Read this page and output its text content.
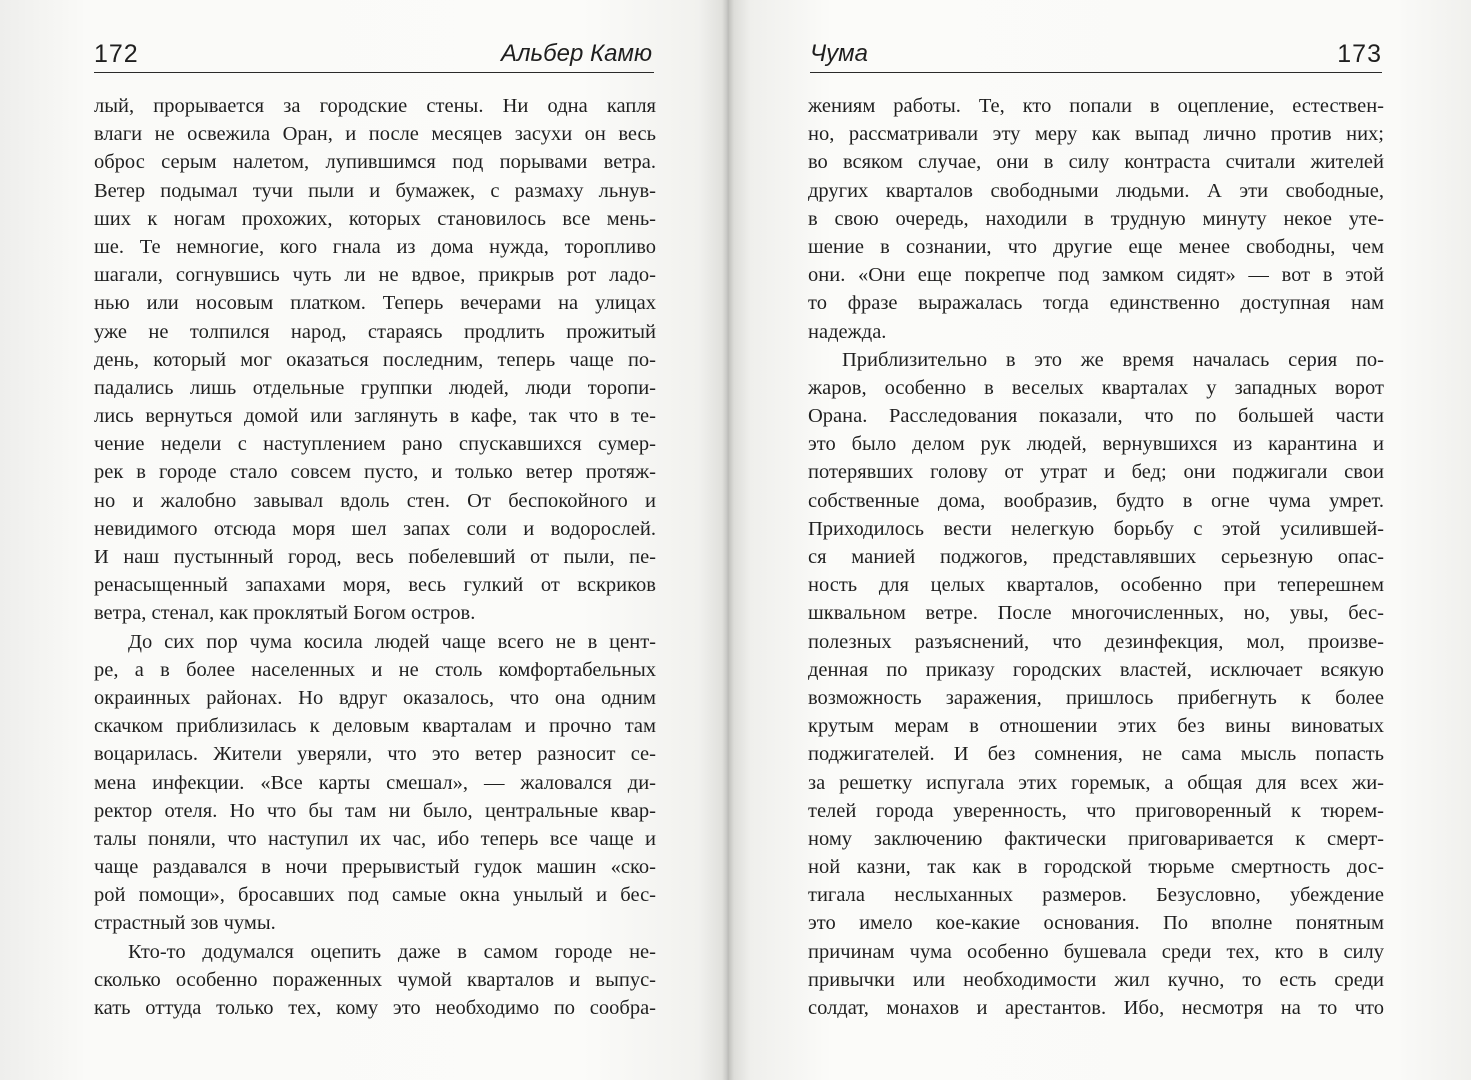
172	Альбер Камю
лый, прорывается за городские стены. Ни одна капля
влаги не освежила Оран, и после месяцев засухи он весь
оброс серым налетом, лупившимся под порывами ветра.
Ветер подымал тучи пыли и бумажек, с размаху льнув-
ших к ногам прохожих, которых становилось все мень-
ше. Те немногие, кого гнала из дома нужда, торопливо
шагали, согнувшись чуть ли не вдвое, прикрыв рот ладо-
нью или носовым платком. Теперь вечерами на улицах
уже не толпился народ, стараясь продлить прожитый
день, который мог оказаться последним, теперь чаще по-
падались лишь отдельные группки людей, люди торопи-
лись вернуться домой или заглянуть в кафе, так что в те-
чение недели с наступлением рано спускавшихся сумер-
рек в городе стало совсем пусто, и только ветер протяж-
но и жалобно завывал вдоль стен. От беспокойного и
невидимого отсюда моря шел запах соли и водорослей.
И наш пустынный город, весь побелевший от пыли, пе-
ренасыщенный запахами моря, весь гулкий от вскриков
ветра, стенал, как проклятый Богом остров.
До сих пор чума косила людей чаще всего не в цент-
ре, а в более населенных и не столь комфортабельных
окраинных районах. Но вдруг оказалось, что она одним
скачком приблизилась к деловым кварталам и прочно там
воцарилась. Жители уверяли, что это ветер разносит се-
мена инфекции. «Все карты смешал», — жаловался ди-
ректор отеля. Но что бы там ни было, центральные квар-
талы поняли, что наступил их час, ибо теперь все чаще и
чаще раздавался в ночи прерывистый гудок машин «ско-
рой помощи», бросавших под самые окна унылый и бес-
страстный зов чумы.
Кто-то додумался оцепить даже в самом городе не-
сколько особенно пораженных чумой кварталов и выпус-
кать оттуда только тех, кому это необходимо по сообра-
Чума	173
жениям работы. Те, кто попали в оцепление, естествен-
но, рассматривали эту меру как выпад лично против них;
во всяком случае, они в силу контраста считали жителей
других кварталов свободными людьми. А эти свободные,
в свою очередь, находили в трудную минуту некое уте-
шение в сознании, что другие еще менее свободны, чем
они. «Они еще покрепче под замком сидят» — вот в этой
то фразе выражалась тогда единственно доступная нам
надежда.
Приблизительно в это же время началась серия по-
жаров, особенно в веселых кварталах у западных ворот
Орана. Расследования показали, что по большей части
это было делом рук людей, вернувшихся из карантина и
потерявших голову от утрат и бед; они поджигали свои
собственные дома, вообразив, будто в огне чума умрет.
Приходилось вести нелегкую борьбу с этой усилившей-
ся манией поджогов, представлявших серьезную опас-
ность для целых кварталов, особенно при теперешнем
шквальном ветре. После многочисленных, но, увы, бес-
полезных разъяснений, что дезинфекция, мол, произве-
денная по приказу городских властей, исключает всякую
возможность заражения, пришлось прибегнуть к более
крутым мерам в отношении этих без вины виноватых
поджигателей. И без сомнения, не сама мысль попасть
за решетку испугала этих горемык, а общая для всех жи-
телей города уверенность, что приговоренный к тюрем-
ному заключению фактически приговаривается к смерт-
ной казни, так как в городской тюрьме смертность дос-
тигала неслыханных размеров. Безусловно, убеждение
это имело кое-какие основания. По вполне понятным
причинам чума особенно бушевала среди тех, кто в силу
привычки или необходимости жил кучно, то есть среди
солдат, монахов и арестантов. Ибо, несмотря на то что
